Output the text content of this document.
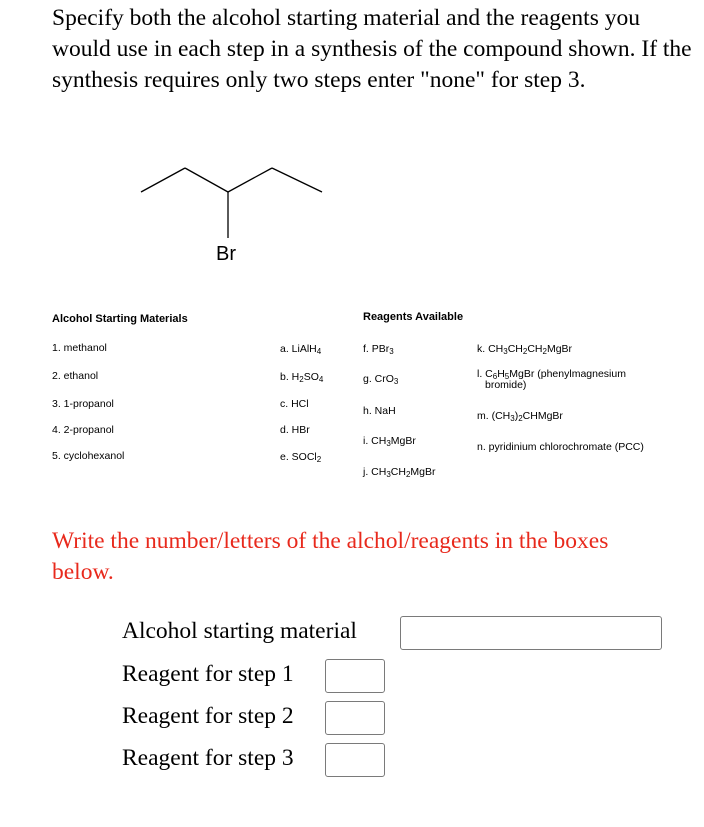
Specify both the alcohol starting material and the reagents you would use in each step in a synthesis of the compound shown. If the synthesis requires only two steps enter "none" for step 3.

Br
Alcohol Starting Materials
1. methanol
2. ethanol
3. 1-propanol
4. 2-propanol
5. cyclohexanol
Reagents Available
a. LiAlH$_4$
b. $H_2SO_4$
c. HCl
d. HBr
e. SOCl$_2$
f. PBr$_3$
g. CrO$_3$
h. NaH
i. $CH_3MgBr$
j. $CH_3CH_2MgBr$
k. $CH_3CH_2CH_2MgBr$
l. $C_6H_5MgBr$ (phenylmagnesium
bromide)
m. $(CH_3)_2CHMgBr$
n. pyridinium chlorochromate (PCC)

Write the number/letters of the alchol/reagents in the boxes below.

Alcohol starting material
Reagent for step 1
Reagent for step 2
Reagent for step 3
